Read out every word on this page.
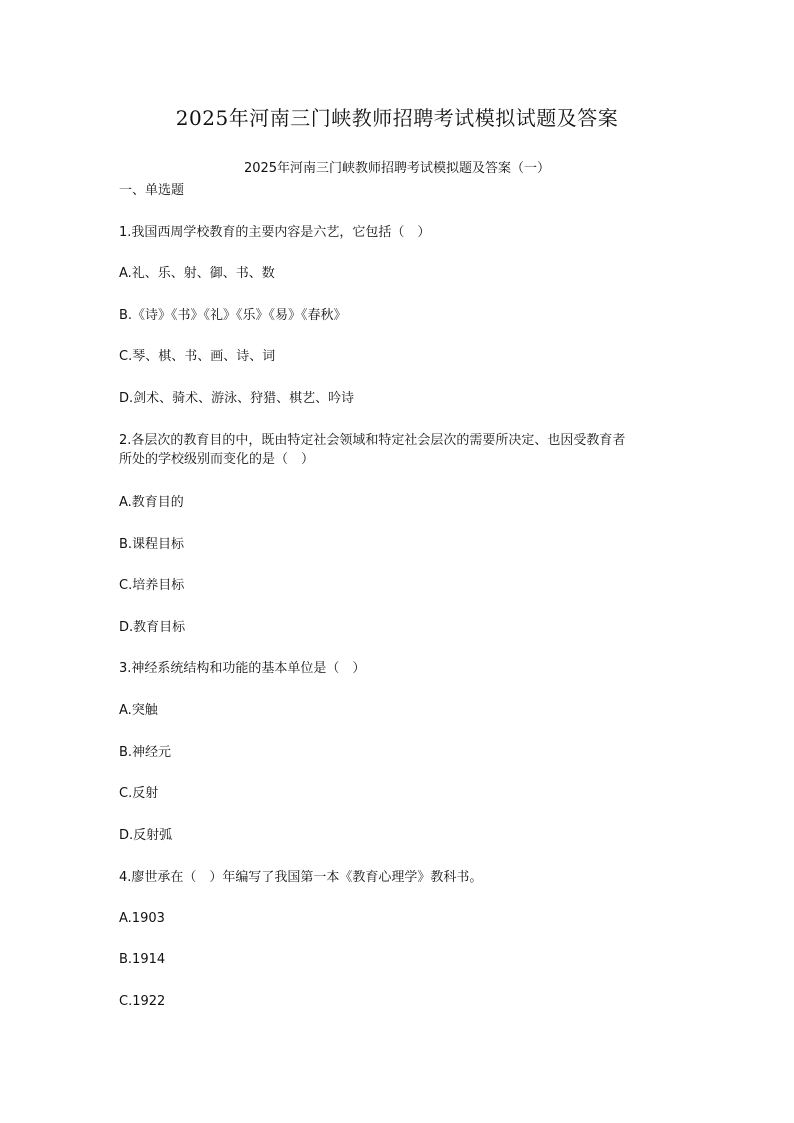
2025年河南三门峡教师招聘考试模拟试题及答案
2025年河南三门峡教师招聘考试模拟题及答案（一）
一、单选题
1.我国西周学校教育的主要内容是六艺，它包括（　）
A.礼、乐、射、御、书、数
B.《诗》《书》《礼》《乐》《易》《春秋》
C.琴、棋、书、画、诗、词
D.剑术、骑术、游泳、狩猎、棋艺、吟诗
2.各层次的教育目的中，既由特定社会领域和特定社会层次的需要所决定、也因受教育者
所处的学校级别而变化的是（　）
A.教育目的
B.课程目标
C.培养目标
D.教育目标
3.神经系统结构和功能的基本单位是（　）
A.突触
B.神经元
C.反射
D.反射弧
4.廖世承在（　）年编写了我国第一本《教育心理学》教科书。
A.1903
B.1914
C.1922
